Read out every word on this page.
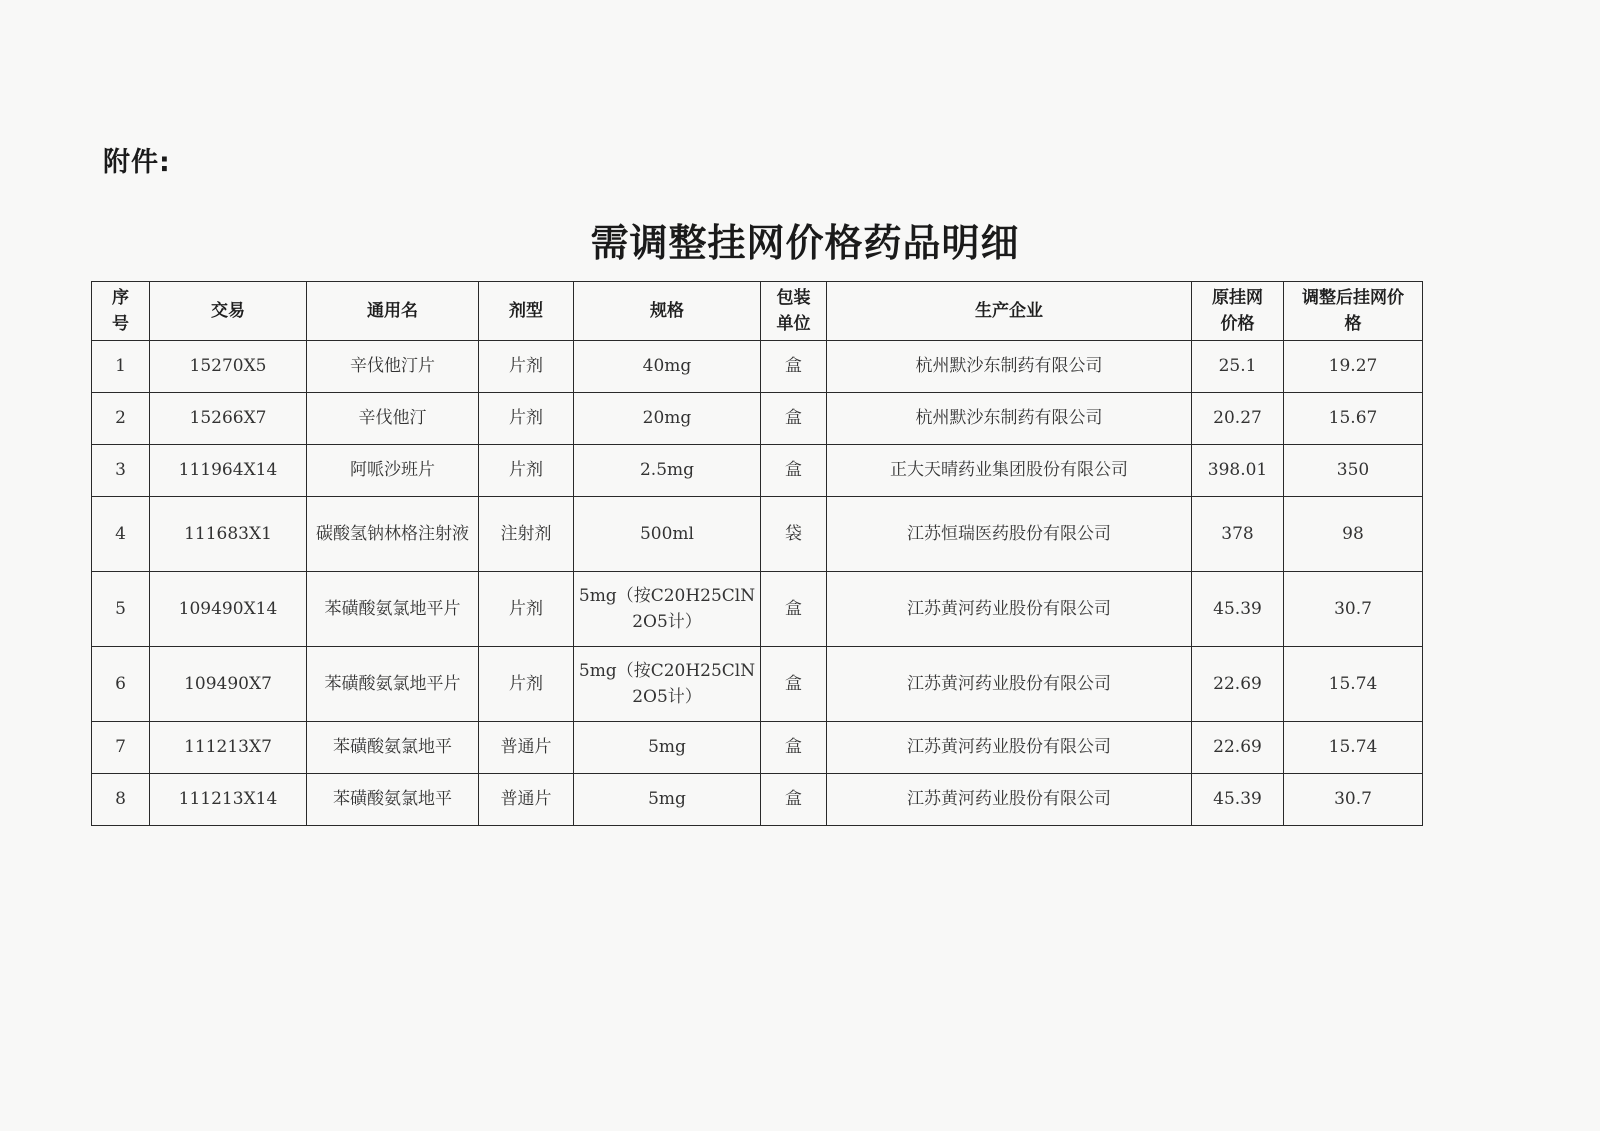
附件:
需调整挂网价格药品明细
序号	交易	通用名	剂型	规格	包装单位	生产企业	原挂网价格	调整后挂网价格
1	15270X5	辛伐他汀片	片剂	40mg	盒	杭州默沙东制药有限公司	25.1	19.27
2	15266X7	辛伐他汀	片剂	20mg	盒	杭州默沙东制药有限公司	20.27	15.67
3	111964X14	阿哌沙班片	片剂	2.5mg	盒	正大天晴药业集团股份有限公司	398.01	350
4	111683X1	碳酸氢钠林格注射液	注射剂	500ml	袋	江苏恒瑞医药股份有限公司	378	98
5	109490X14	苯磺酸氨氯地平片	片剂	5mg（按C20H25ClN2O5计）	盒	江苏黄河药业股份有限公司	45.39	30.7
6	109490X7	苯磺酸氨氯地平片	片剂	5mg（按C20H25ClN2O5计）	盒	江苏黄河药业股份有限公司	22.69	15.74
7	111213X7	苯磺酸氨氯地平	普通片	5mg	盒	江苏黄河药业股份有限公司	22.69	15.74
8	111213X14	苯磺酸氨氯地平	普通片	5mg	盒	江苏黄河药业股份有限公司	45.39	30.7
